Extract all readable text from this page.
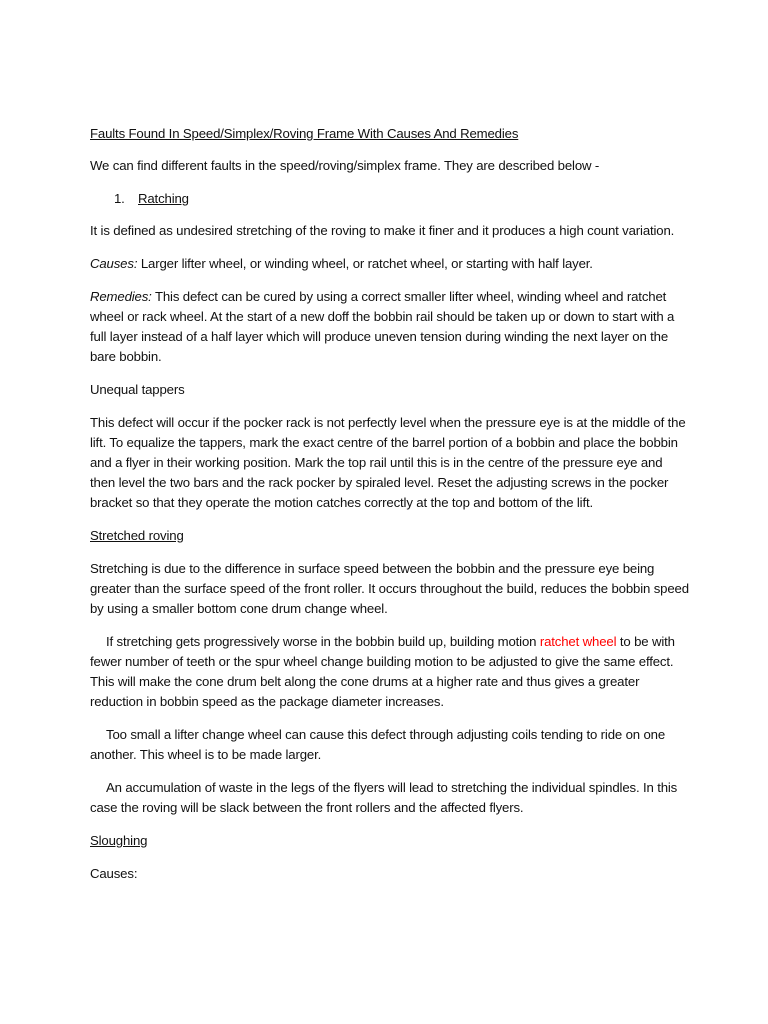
Faults Found In Speed/Simplex/Roving Frame With Causes And Remedies

We can find different faults in the speed/roving/simplex frame. They are described below -

1. Ratching

It is defined as undesired stretching of the roving to make it finer and it produces a high count variation.

Causes: Larger lifter wheel, or winding wheel, or ratchet wheel, or starting with half layer.

Remedies: This defect can be cured by using a correct smaller lifter wheel, winding wheel and ratchet wheel or rack wheel. At the start of a new doff the bobbin rail should be taken up or down to start with a full layer instead of a half layer which will produce uneven tension during winding the next layer on the bare bobbin.

Unequal tappers

This defect will occur if the pocker rack is not perfectly level when the pressure eye is at the middle of the lift. To equalize the tappers, mark the exact centre of the barrel portion of a bobbin and place the bobbin and a flyer in their working position. Mark the top rail until this is in the centre of the pressure eye and then level the two bars and the rack pocker by spiraled level. Reset the adjusting screws in the pocker bracket so that they operate the motion catches correctly at the top and bottom of the lift.

Stretched roving

Stretching is due to the difference in surface speed between the bobbin and the pressure eye being greater than the surface speed of the front roller. It occurs throughout the build, reduces the bobbin speed by using a smaller bottom cone drum change wheel.

If stretching gets progressively worse in the bobbin build up, building motion ratchet wheel to be with fewer number of teeth or the spur wheel change building motion to be adjusted to give the same effect. This will make the cone drum belt along the cone drums at a higher rate and thus gives a greater reduction in bobbin speed as the package diameter increases.

Too small a lifter change wheel can cause this defect through adjusting coils tending to ride on one another. This wheel is to be made larger.

An accumulation of waste in the legs of the flyers will lead to stretching the individual spindles. In this case the roving will be slack between the front rollers and the affected flyers.

Sloughing

Causes:
